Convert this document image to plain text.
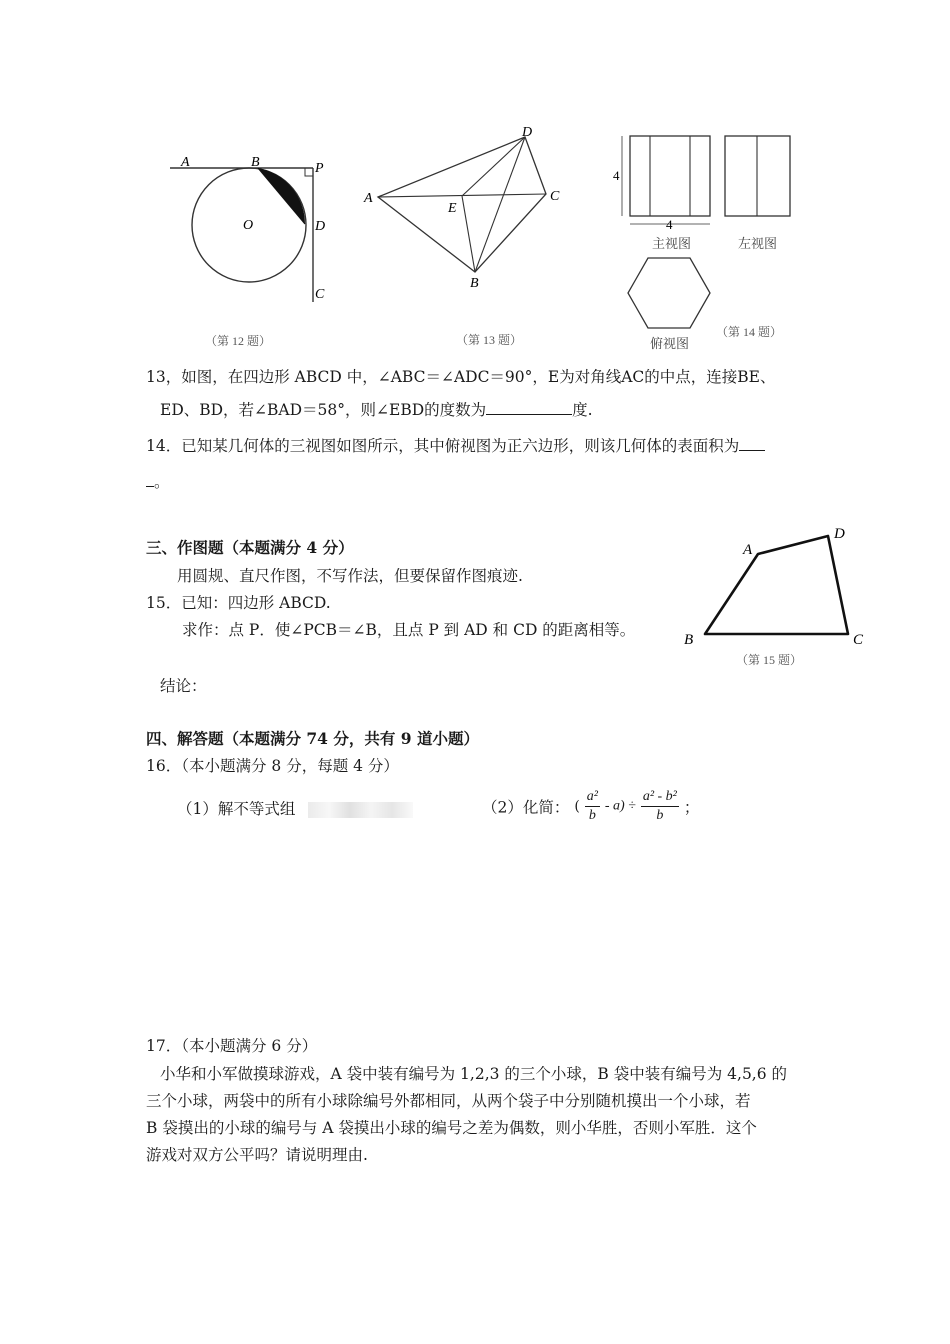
A	B	P
O	D
C
（第 12 题）
A
D
C
E
B
（第 13 题）
4
4
主视图	左视图
俯视图
（第 14 题）
13，如图，在四边形 ABCD 中，∠ABC＝∠ADC＝90°，E为对角线AC的中点，连接BE、
ED、BD，若∠BAD＝58°，则∠EBD的度数为	度.
14．已知某几何体的三视图如图所示，其中俯视图为正六边形，则该几何体的表面积为
。
三、作图题（本题满分 4 分）
用圆规、直尺作图，不写作法，但要保留作图痕迹.
15．已知：四边形 ABCD.
求作：点 P．使∠PCB＝∠B，且点 P 到 AD 和 CD 的距离相等。
结论：
A
D
B	C
（第 15 题）
四、解答题（本题满分 74 分，共有 9 道小题）
16．（本小题满分 8 分，每题 4 分）
（1）解不等式组	（2）化简： ( $\frac{\text{a²}}{b} - a) \div \frac{\text{a² - b²}}{b}$ ；
17．（本小题满分 6 分）
小华和小军做摸球游戏，A 袋中装有编号为 1,2,3 的三个小球，B 袋中装有编号为 4,5,6 的
三个小球，两袋中的所有小球除编号外都相同，从两个袋子中分别随机摸出一个小球，若
B 袋摸出的小球的编号与 A 袋摸出小球的编号之差为偶数，则小华胜，否则小军胜．这个
游戏对双方公平吗？请说明理由.
